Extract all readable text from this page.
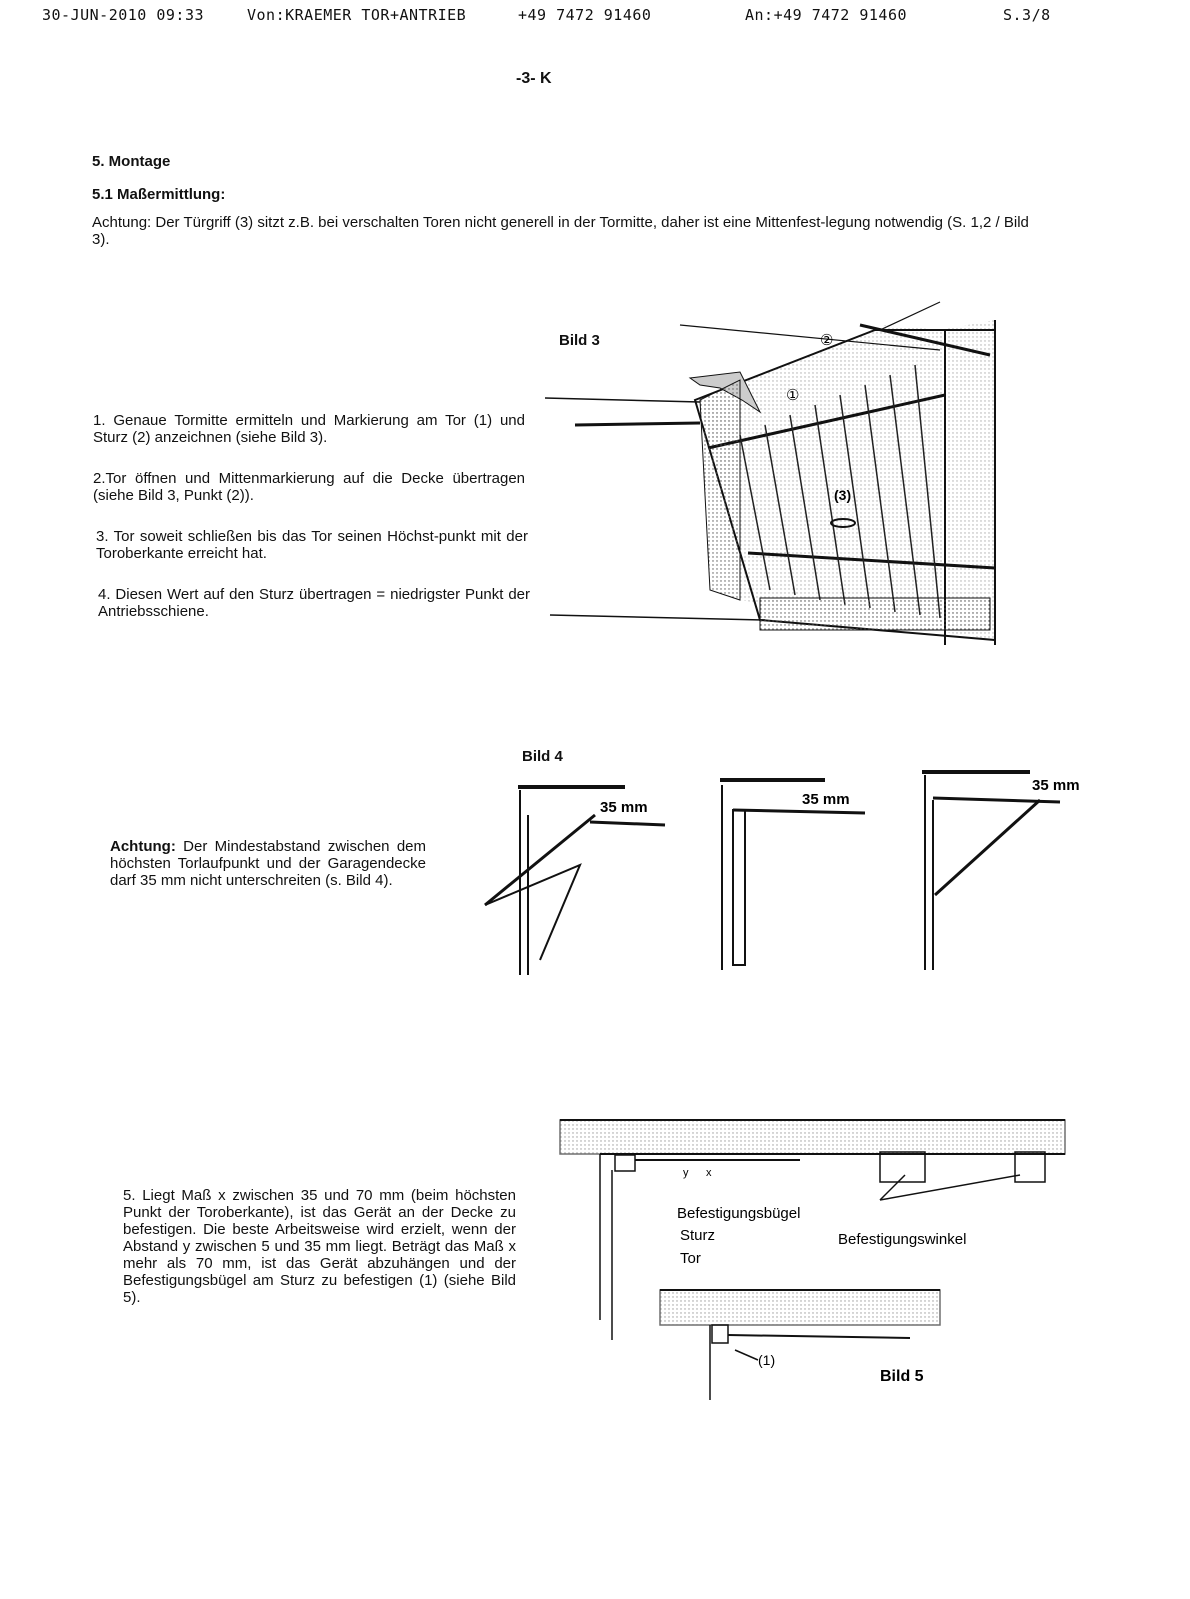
30-JUN-2010 09:33	Von:KRAEMER TOR+ANTRIEB	+49 7472 91460	An:+49 7472 91460	S.3/8
-3- K
5. Montage
5.1 Maßermittlung:
Achtung: Der Türgriff (3) sitzt z.B. bei verschalten Toren nicht generell in der Tormitte, daher ist eine Mittenfest-legung notwendig (S. 1,2 / Bild 3).
1. Genaue Tormitte ermitteln und Markierung am Tor (1) und Sturz (2) anzeichnen (siehe Bild 3).
2.Tor öffnen und Mittenmarkierung auf die Decke übertragen (siehe Bild 3, Punkt (2)).
3. Tor soweit schließen bis das Tor seinen Höchst-punkt mit der Toroberkante erreicht hat.
4. Diesen Wert auf den Sturz übertragen = niedrigster Punkt der Antriebsschiene.
Bild 3
①
②
(3)
Achtung: Der Mindestabstand zwischen dem höchsten Torlaufpunkt und der Garagendecke darf 35 mm nicht unterschreiten (s. Bild 4).
Bild 4
35 mm	35 mm
35 mm
5. Liegt Maß x zwischen 35 und 70 mm (beim höchsten Punkt der Toroberkante), ist das Gerät an der Decke zu befestigen. Die beste Arbeitsweise wird erzielt, wenn der Abstand y zwischen 5 und 35 mm liegt. Beträgt das Maß x mehr als 70 mm, ist das Gerät abzuhängen und der Befestigungsbügel am Sturz zu befestigen (1) (siehe Bild 5).
y x
Befestigungsbügel
Sturz
Tor
Befestigungswinkel
(1)
Bild 5
